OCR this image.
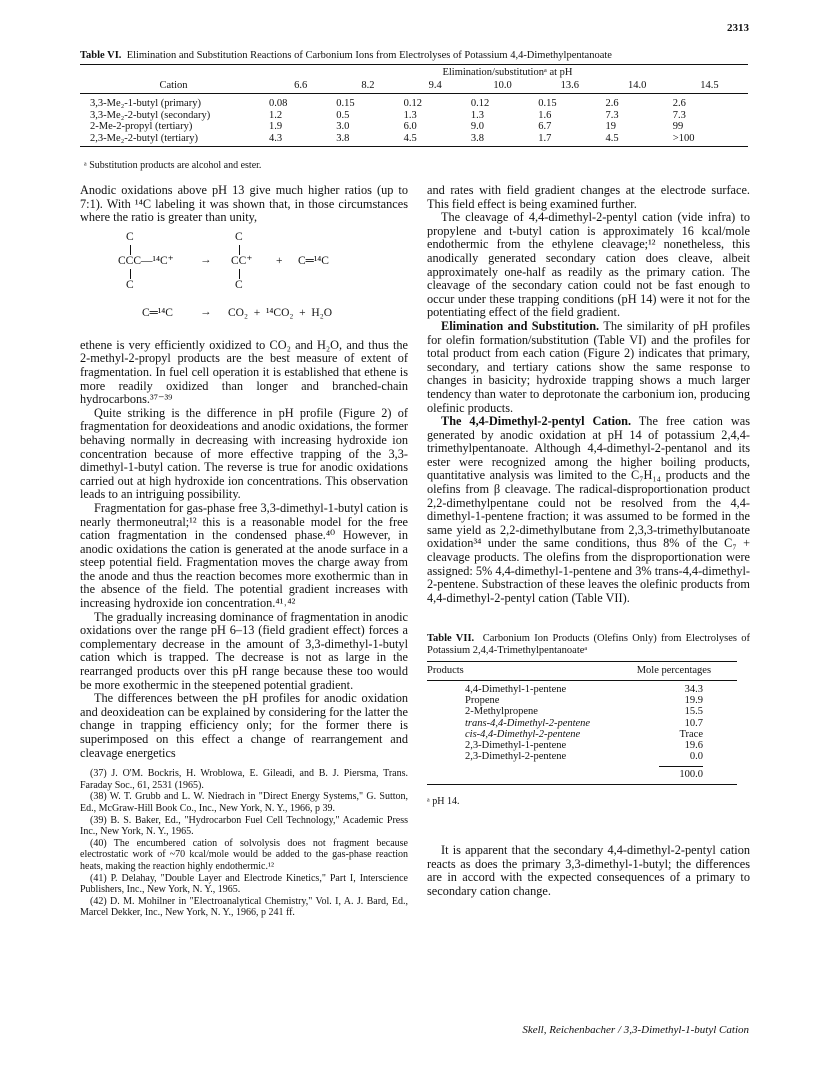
2313
Table VI. Elimination and Substitution Reactions of Carbonium Ions from Electrolyses of Potassium 4,4-Dimethylpentanoate
	Elimination/substitutionᵃ at pH						
Cation	6.6	8.2	9.4	10.0	13.6	14.0	14.5
3,3-Me₂-1-butyl (primary)	0.08	0.15	0.12	0.12	0.15	2.6	2.6
3,3-Me₂-2-butyl (secondary)	1.2	0.5	1.3	1.3	1.6	7.3	7.3
2-Me-2-propyl (tertiary)	1.9	3.0	6.0	9.0	6.7	19	99
2,3-Me₂-2-butyl (tertiary)	4.3	3.8	4.5	3.8	1.7	4.5	>100
ᵃ Substitution products are alcohol and ester.

Anodic oxidations above pH 13 give much higher ratios (up to 7:1). With ¹⁴C labeling it was shown that, in those circumstances where the ratio is greater than unity,

C	C
CCC—¹⁴C⁺ → CC⁺ + C═¹⁴C
C	C
C═¹⁴C → CO₂  +  ¹⁴CO₂  +  H₂O

ethene is very efficiently oxidized to CO₂ and H₂O, and thus the 2-methyl-2-propyl products are the best measure of extent of fragmentation. In fuel cell operation it is established that ethene is more readily oxidized than longer and branched-chain hydrocarbons.³⁷⁻³⁹

Quite striking is the difference in pH profile (Figure 2) of fragmentation for deoxideations and anodic oxidations, the former behaving normally in decreasing with increasing hydroxide ion concentration because of more effective trapping of the 3,3-dimethyl-1-butyl cation. The reverse is true for anodic oxidations carried out at high hydroxide ion concentrations. This observation leads to an intriguing possibility.

Fragmentation for gas-phase free 3,3-dimethyl-1-butyl cation is nearly thermoneutral;¹² this is a reasonable model for the free cation fragmentation in the condensed phase.⁴⁰ However, in anodic oxidations the cation is generated at the anode surface in a steep potential field. Fragmentation moves the charge away from the anode and thus the reaction becomes more exothermic than in the absence of the field. The potential gradient increases with increasing hydroxide ion concentration.⁴¹˒⁴²

The gradually increasing dominance of fragmentation in anodic oxidations over the range pH 6–13 (field gradient effect) forces a complementary decrease in the amount of 3,3-dimethyl-1-butyl cation which is trapped. The decrease is not as large in the rearranged products over this pH range because these too would be more exothermic in the steepened potential gradient.

The differences between the pH profiles for anodic oxidation and deoxideation can be explained by considering for the latter the change in trapping efficiency only; for the former there is superimposed on this effect a change of rearrangement and cleavage energetics

(37) J. O'M. Bockris, H. Wroblowa, E. Gileadi, and B. J. Piersma, Trans. Faraday Soc., 61, 2531 (1965).
(38) W. T. Grubb and L. W. Niedrach in "Direct Energy Systems," G. Sutton, Ed., McGraw-Hill Book Co., Inc., New York, N. Y., 1966, p 39.
(39) B. S. Baker, Ed., "Hydrocarbon Fuel Cell Technology," Academic Press Inc., New York, N. Y., 1965.
(40) The encumbered cation of solvolysis does not fragment because electrostatic work of ~70 kcal/mole would be added to the gas-phase reaction heats, making the reaction highly endothermic.¹²
(41) P. Delahay, "Double Layer and Electrode Kinetics," Part I, Interscience Publishers, Inc., New York, N. Y., 1965.
(42) D. M. Mohilner in "Electroanalytical Chemistry," Vol. I, A. J. Bard, Ed., Marcel Dekker, Inc., New York, N. Y., 1966, p 241 ff.

and rates with field gradient changes at the electrode surface. This field effect is being examined further.

The cleavage of 4,4-dimethyl-2-pentyl cation (vide infra) to propylene and t-butyl cation is approximately 16 kcal/mole endothermic from the ethylene cleavage;¹² nonetheless, this anodically generated secondary cation does cleave, albeit approximately one-half as readily as the primary cation. The cleavage of the secondary cation could not be fast enough to occur under these trapping conditions (pH 14) were it not for the potentiating effect of the field gradient.

Elimination and Substitution. The similarity of pH profiles for olefin formation/substitution (Table VI) and the profiles for total product from each cation (Figure 2) indicates that primary, secondary, and tertiary cations show the same response to changes in basicity; hydroxide trapping shows a much larger tendency than water to deprotonate the carbonium ion, producing olefinic products.

The 4,4-Dimethyl-2-pentyl Cation. The free cation was generated by anodic oxidation at pH 14 of potassium 2,4,4-trimethylpentanoate. Although 4,4-dimethyl-2-pentanol and its ester were recognized among the higher boiling products, quantitative analysis was limited to the C₇H₁₄ products and the olefins from β cleavage. The radical-disproportionation product 2,2-dimethylpentane could not be resolved from the 4,4-dimethyl-1-pentene fraction; it was assumed to be formed in the same yield as 2,2-dimethylbutane from 2,3,3-trimethylbutanoate oxidation³⁴ under the same conditions, thus 8% of the C₇ + cleavage products. The olefins from the disproportionation were assigned: 5% 4,4-dimethyl-1-pentene and 3% trans-4,4-dimethyl-2-pentene. Substraction of these leaves the olefinic products from 4,4-dimethyl-2-pentyl cation (Table VII).

Table VII. Carbonium Ion Products (Olefins Only) from Electrolyses of Potassium 2,4,4-Trimethylpentanoateᵃ
Products	Mole percentages
4,4-Dimethyl-1-pentene	34.3
Propene	19.9
2-Methylpropene	15.5
trans-4,4-Dimethyl-2-pentene	10.7
cis-4,4-Dimethyl-2-pentene	Trace
2,3-Dimethyl-1-pentene	19.6
2,3-Dimethyl-2-pentene	0.0
	100.0
ᵃ pH 14.

It is apparent that the secondary 4,4-dimethyl-2-pentyl cation reacts as does the primary 3,3-dimethyl-1-butyl; the differences are in accord with the expected consequences of a primary to secondary cation change.

Skell, Reichenbacher / 3,3-Dimethyl-1-butyl Cation
